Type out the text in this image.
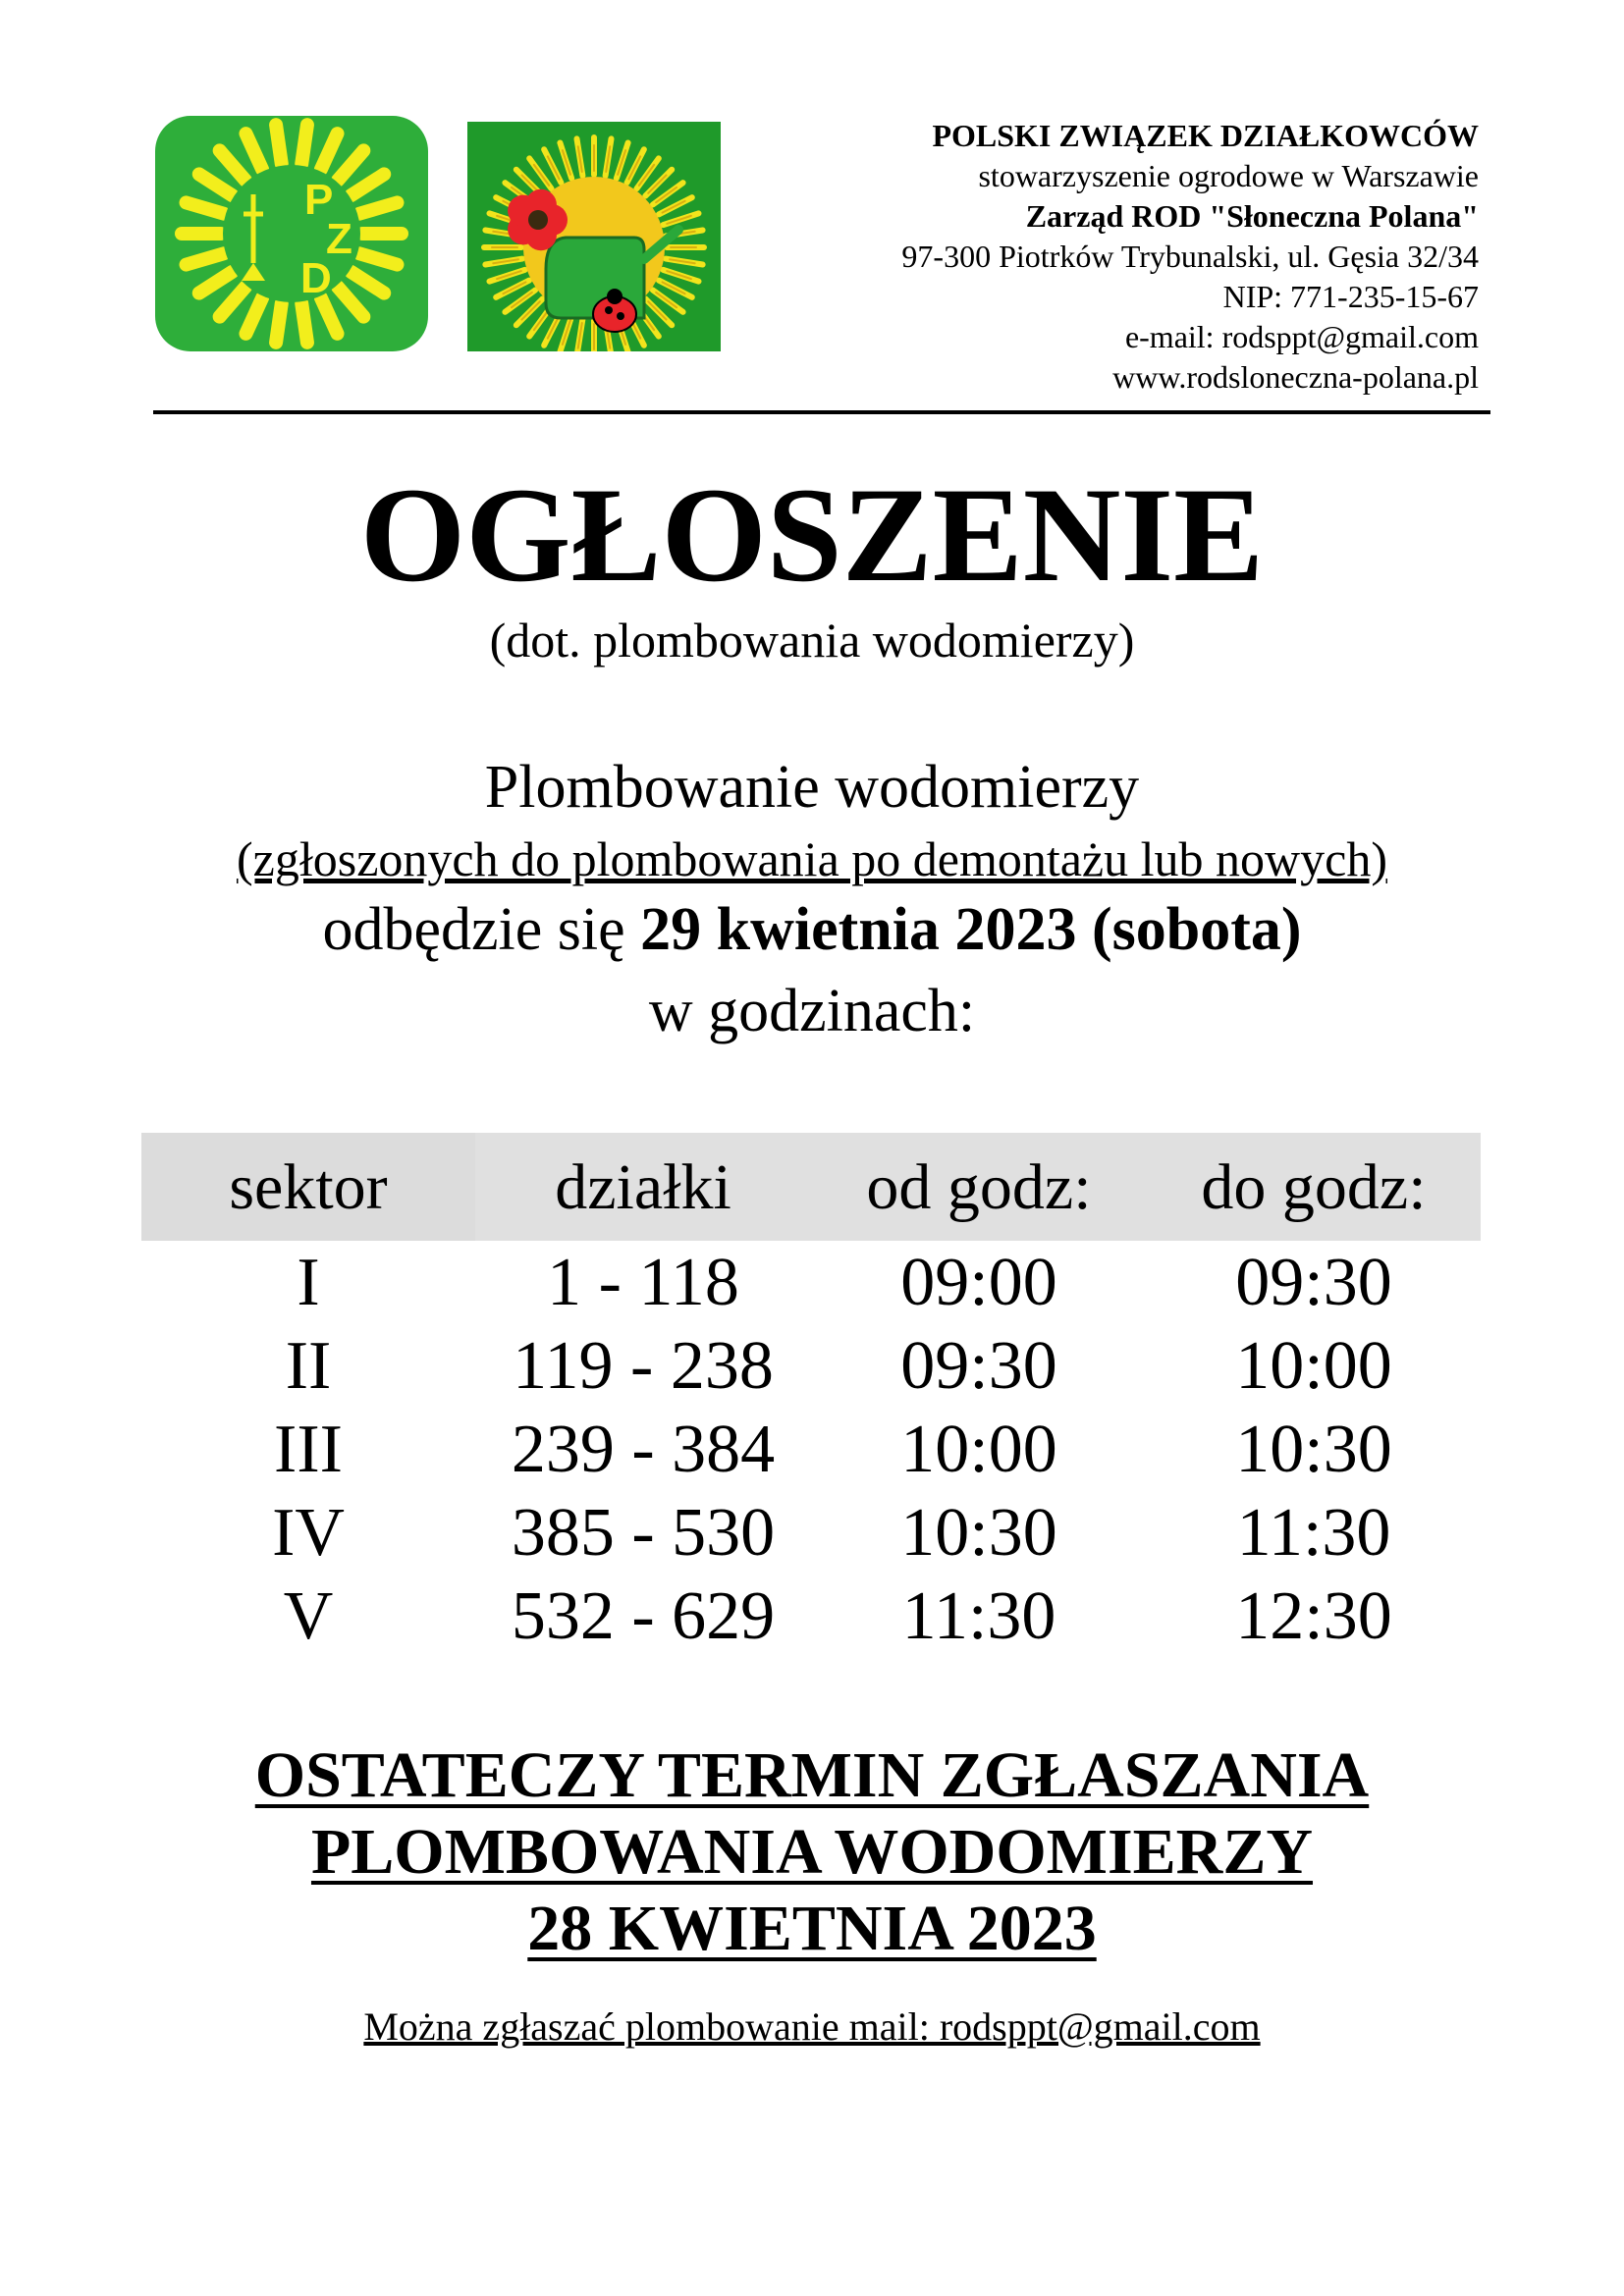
P
Z
D
POLSKI ZWIĄZEK DZIAŁKOWCÓW
stowarzyszenie ogrodowe w Warszawie
Zarząd ROD "Słoneczna Polana"
97-300 Piotrków Trybunalski, ul. Gęsia 32/34
NIP: 771-235-15-67
e-mail: rodsppt@gmail.com
www.rodsloneczna-polana.pl
OGŁOSZENIE
(dot. plombowania wodomierzy)
Plombowanie wodomierzy
(zgłoszonych do plombowania po demontażu lub nowych)
odbędzie się 29 kwietnia 2023 (sobota)
w godzinach:
sektor	działki	od godz:	do godz:
I	1 - 118	09:00	09:30
II	119 - 238	09:30	10:00
III	239 - 384	10:00	10:30
IV	385 - 530	10:30	11:30
V	532 - 629	11:30	12:30
OSTATECZY TERMIN ZGŁASZANIA
PLOMBOWANIA WODOMIERZY
28 KWIETNIA 2023
Można zgłaszać plombowanie mail: rodsppt@gmail.com
